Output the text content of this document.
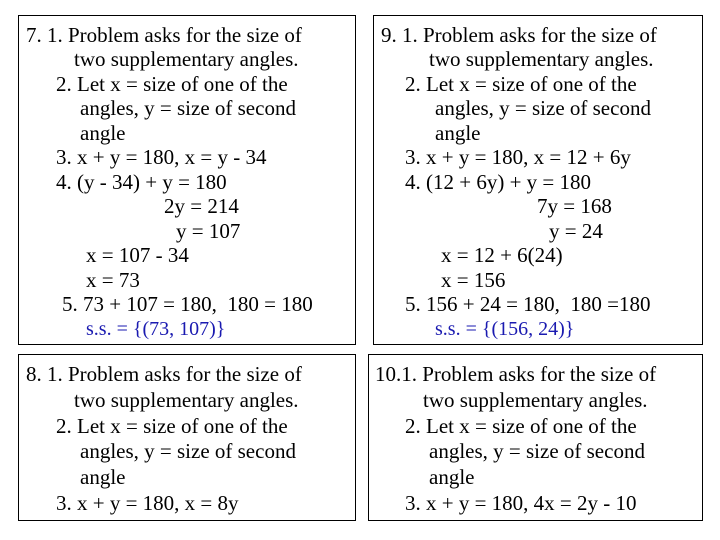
7. 1. Problem asks for the size of
two supplementary angles.
2. Let x = size of one of the
angles, y = size of second
angle
3. x + y = 180, x = y - 34
4. (y - 34) + y = 180
2y = 214
y = 107
x = 107 - 34
x = 73
5. 73 + 107 = 180,  180 = 180
s.s. = {(73, 107)}
9. 1. Problem asks for the size of
two supplementary angles.
2. Let x = size of one of the
angles, y = size of second
angle
3. x + y = 180, x = 12 + 6y
4. (12 + 6y) + y = 180
7y = 168
y = 24
x = 12 + 6(24)
x = 156
5. 156 + 24 = 180,  180 =180
s.s. = {(156, 24)}
8. 1. Problem asks for the size of
two supplementary angles.
2. Let x = size of one of the
angles, y = size of second
angle
3. x + y = 180, x = 8y
10.1. Problem asks for the size of
two supplementary angles.
2. Let x = size of one of the
angles, y = size of second
angle
3. x + y = 180, 4x = 2y - 10
